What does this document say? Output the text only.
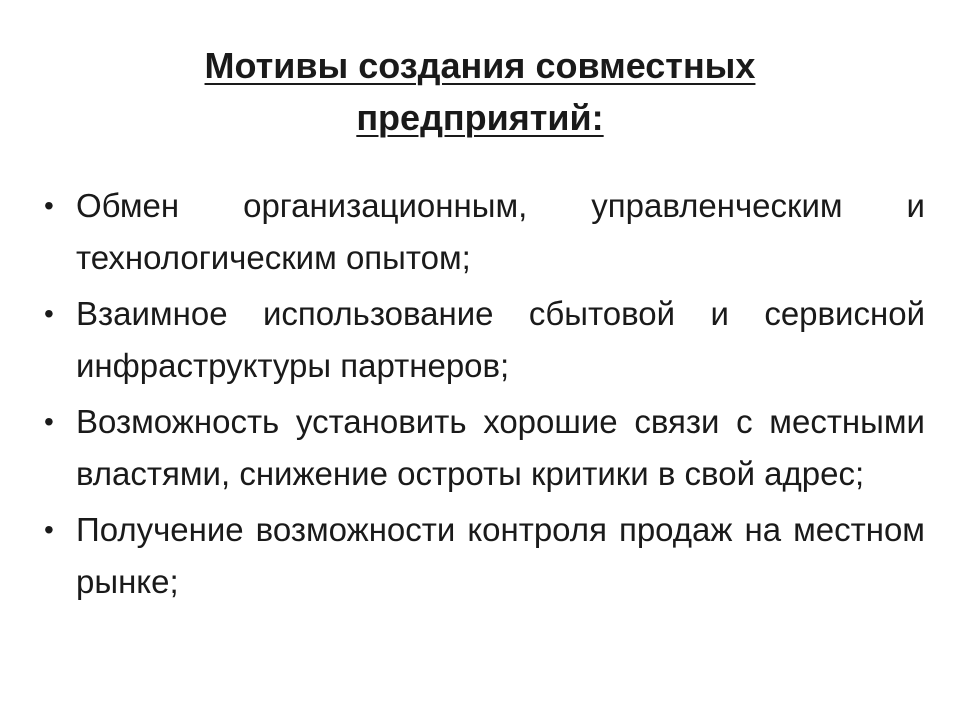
Мотивы создания совместных
предприятий:
• Обмен организационным, управленческим и технологическим опытом;
• Взаимное использование сбытовой и сервисной инфраструктуры партнеров;
• Возможность установить хорошие связи с местными властями, снижение остроты критики в свой адрес;
• Получение возможности контроля продаж на местном рынке;
